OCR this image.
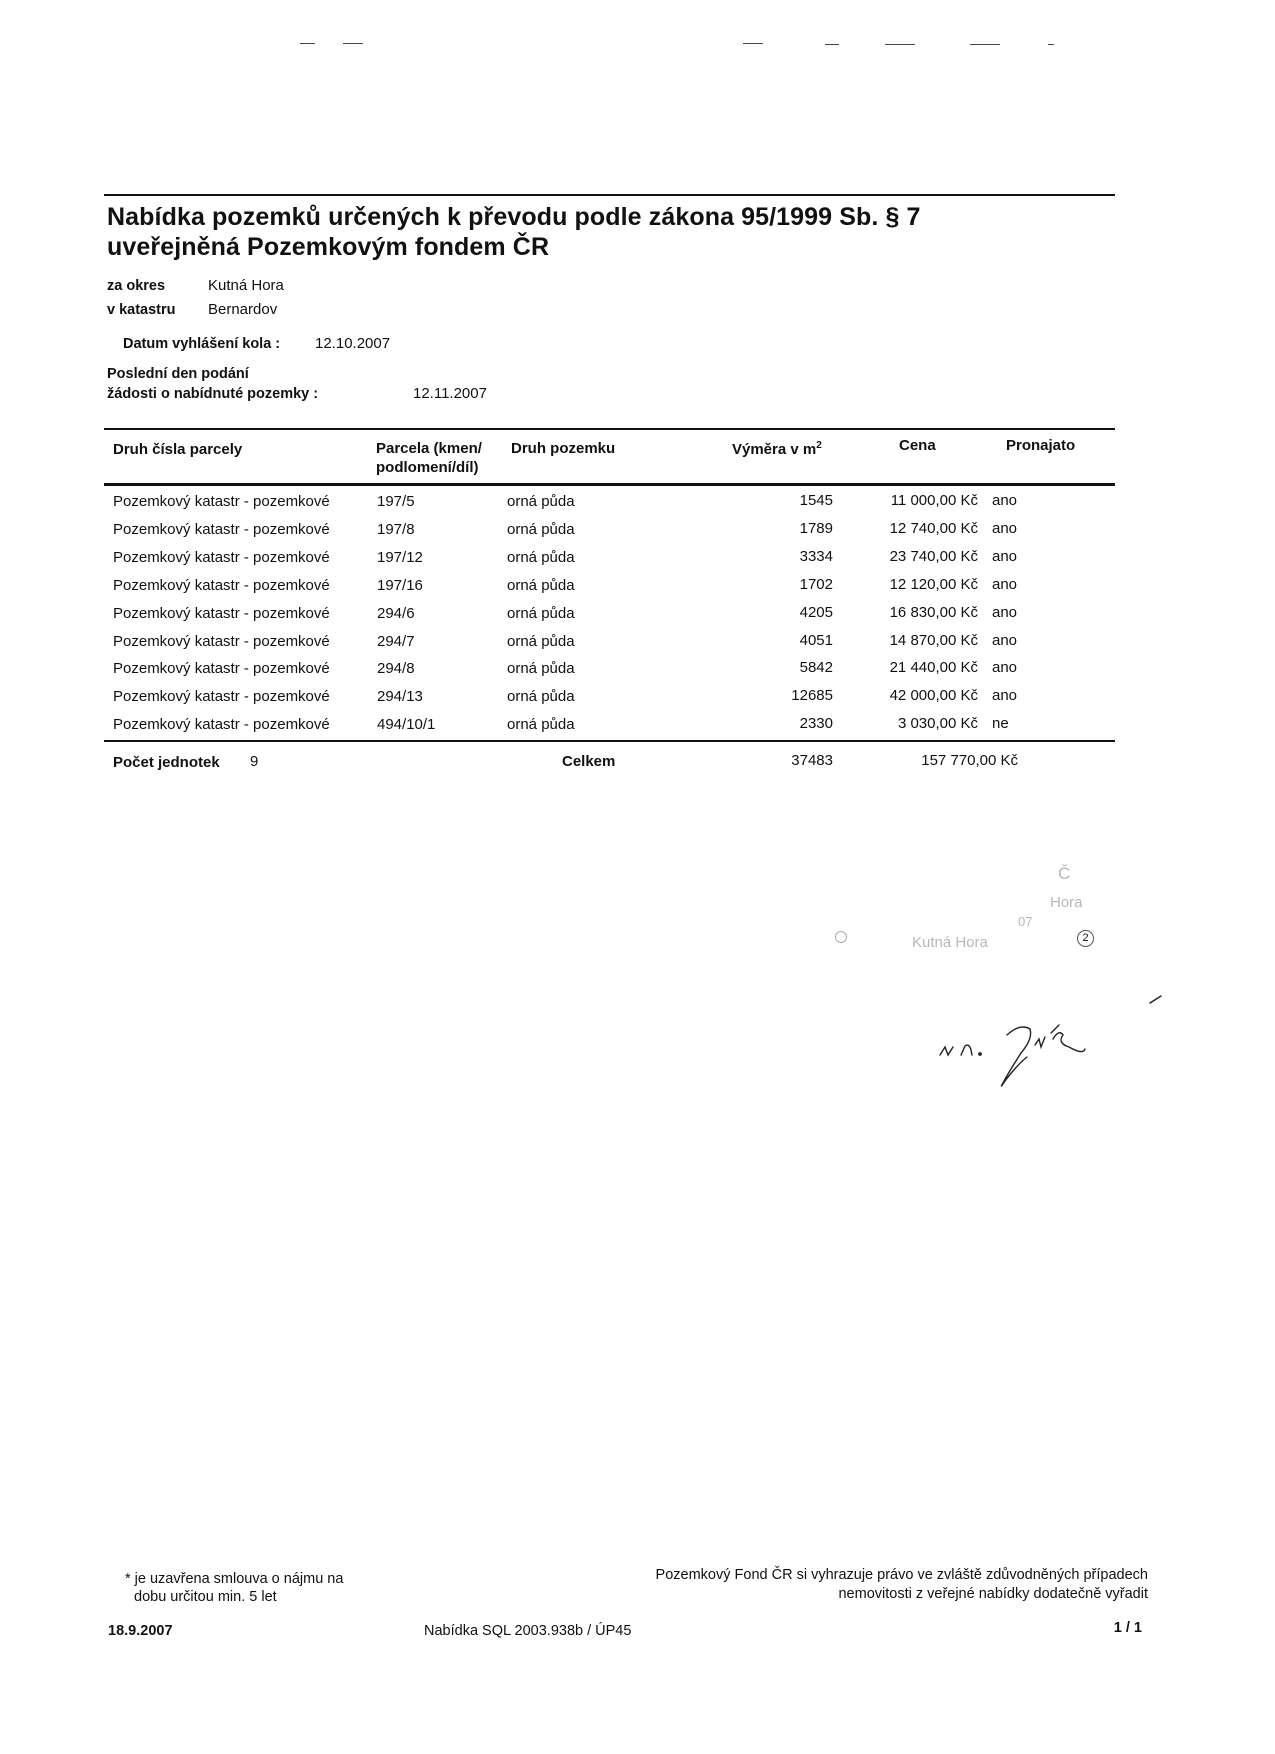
Nabídka pozemků určených k převodu podle zákona 95/1999 Sb. § 7
uveřejněná Pozemkovým fondem ČR
za okres	Kutná Hora
v katastru Bernardov
Datum vyhlášení kola : 12.10.2007
Poslední den podání
žádosti o nabídnuté pozemky :	12.11.2007
Druh čísla parcely	Parcela (kmen/
podlomení/díl)
Druh pozemku	Výměra v $m^2$	Cena	Pronajato
Pozemkový katastr - pozemkové	197/5	orná půda	1545	11 000,00 Kč ano
Pozemkový katastr - pozemkové	197/8	orná půda	1789	12 740,00 Kč ano
Pozemkový katastr - pozemkové	197/12	orná půda	3334	23 740,00 Kč ano
Pozemkový katastr - pozemkové	197/16	orná půda	1702	12 120,00 Kč ano
Pozemkový katastr - pozemkové	294/6	orná půda	4205	16 830,00 Kč ano
Pozemkový katastr - pozemkové	294/7	orná půda	4051	14 870,00 Kč ano
Pozemkový katastr - pozemkové	294/8	orná půda	5842	21 440,00 Kč ano
Pozemkový katastr - pozemkové	294/13	orná půda	12685	42 000,00 Kč ano
Pozemkový katastr - pozemkové	494/10/1	orná půda	2330	3 030,00 Kč ne
Počet jednotek 9	Celkem	37483	157 770,00 Kč
Č
Hora
07
Kutná Hora	2
* je uzavřena smlouva o nájmu na
dobu určitou min. 5 let
Pozemkový Fond ČR si vyhrazuje právo ve zvláště zdůvodněných případech
nemovitosti z veřejné nabídky dodatečně vyřadit
18.9.2007	Nabídka SQL 2003.938b / ÚP45	1 / 1
